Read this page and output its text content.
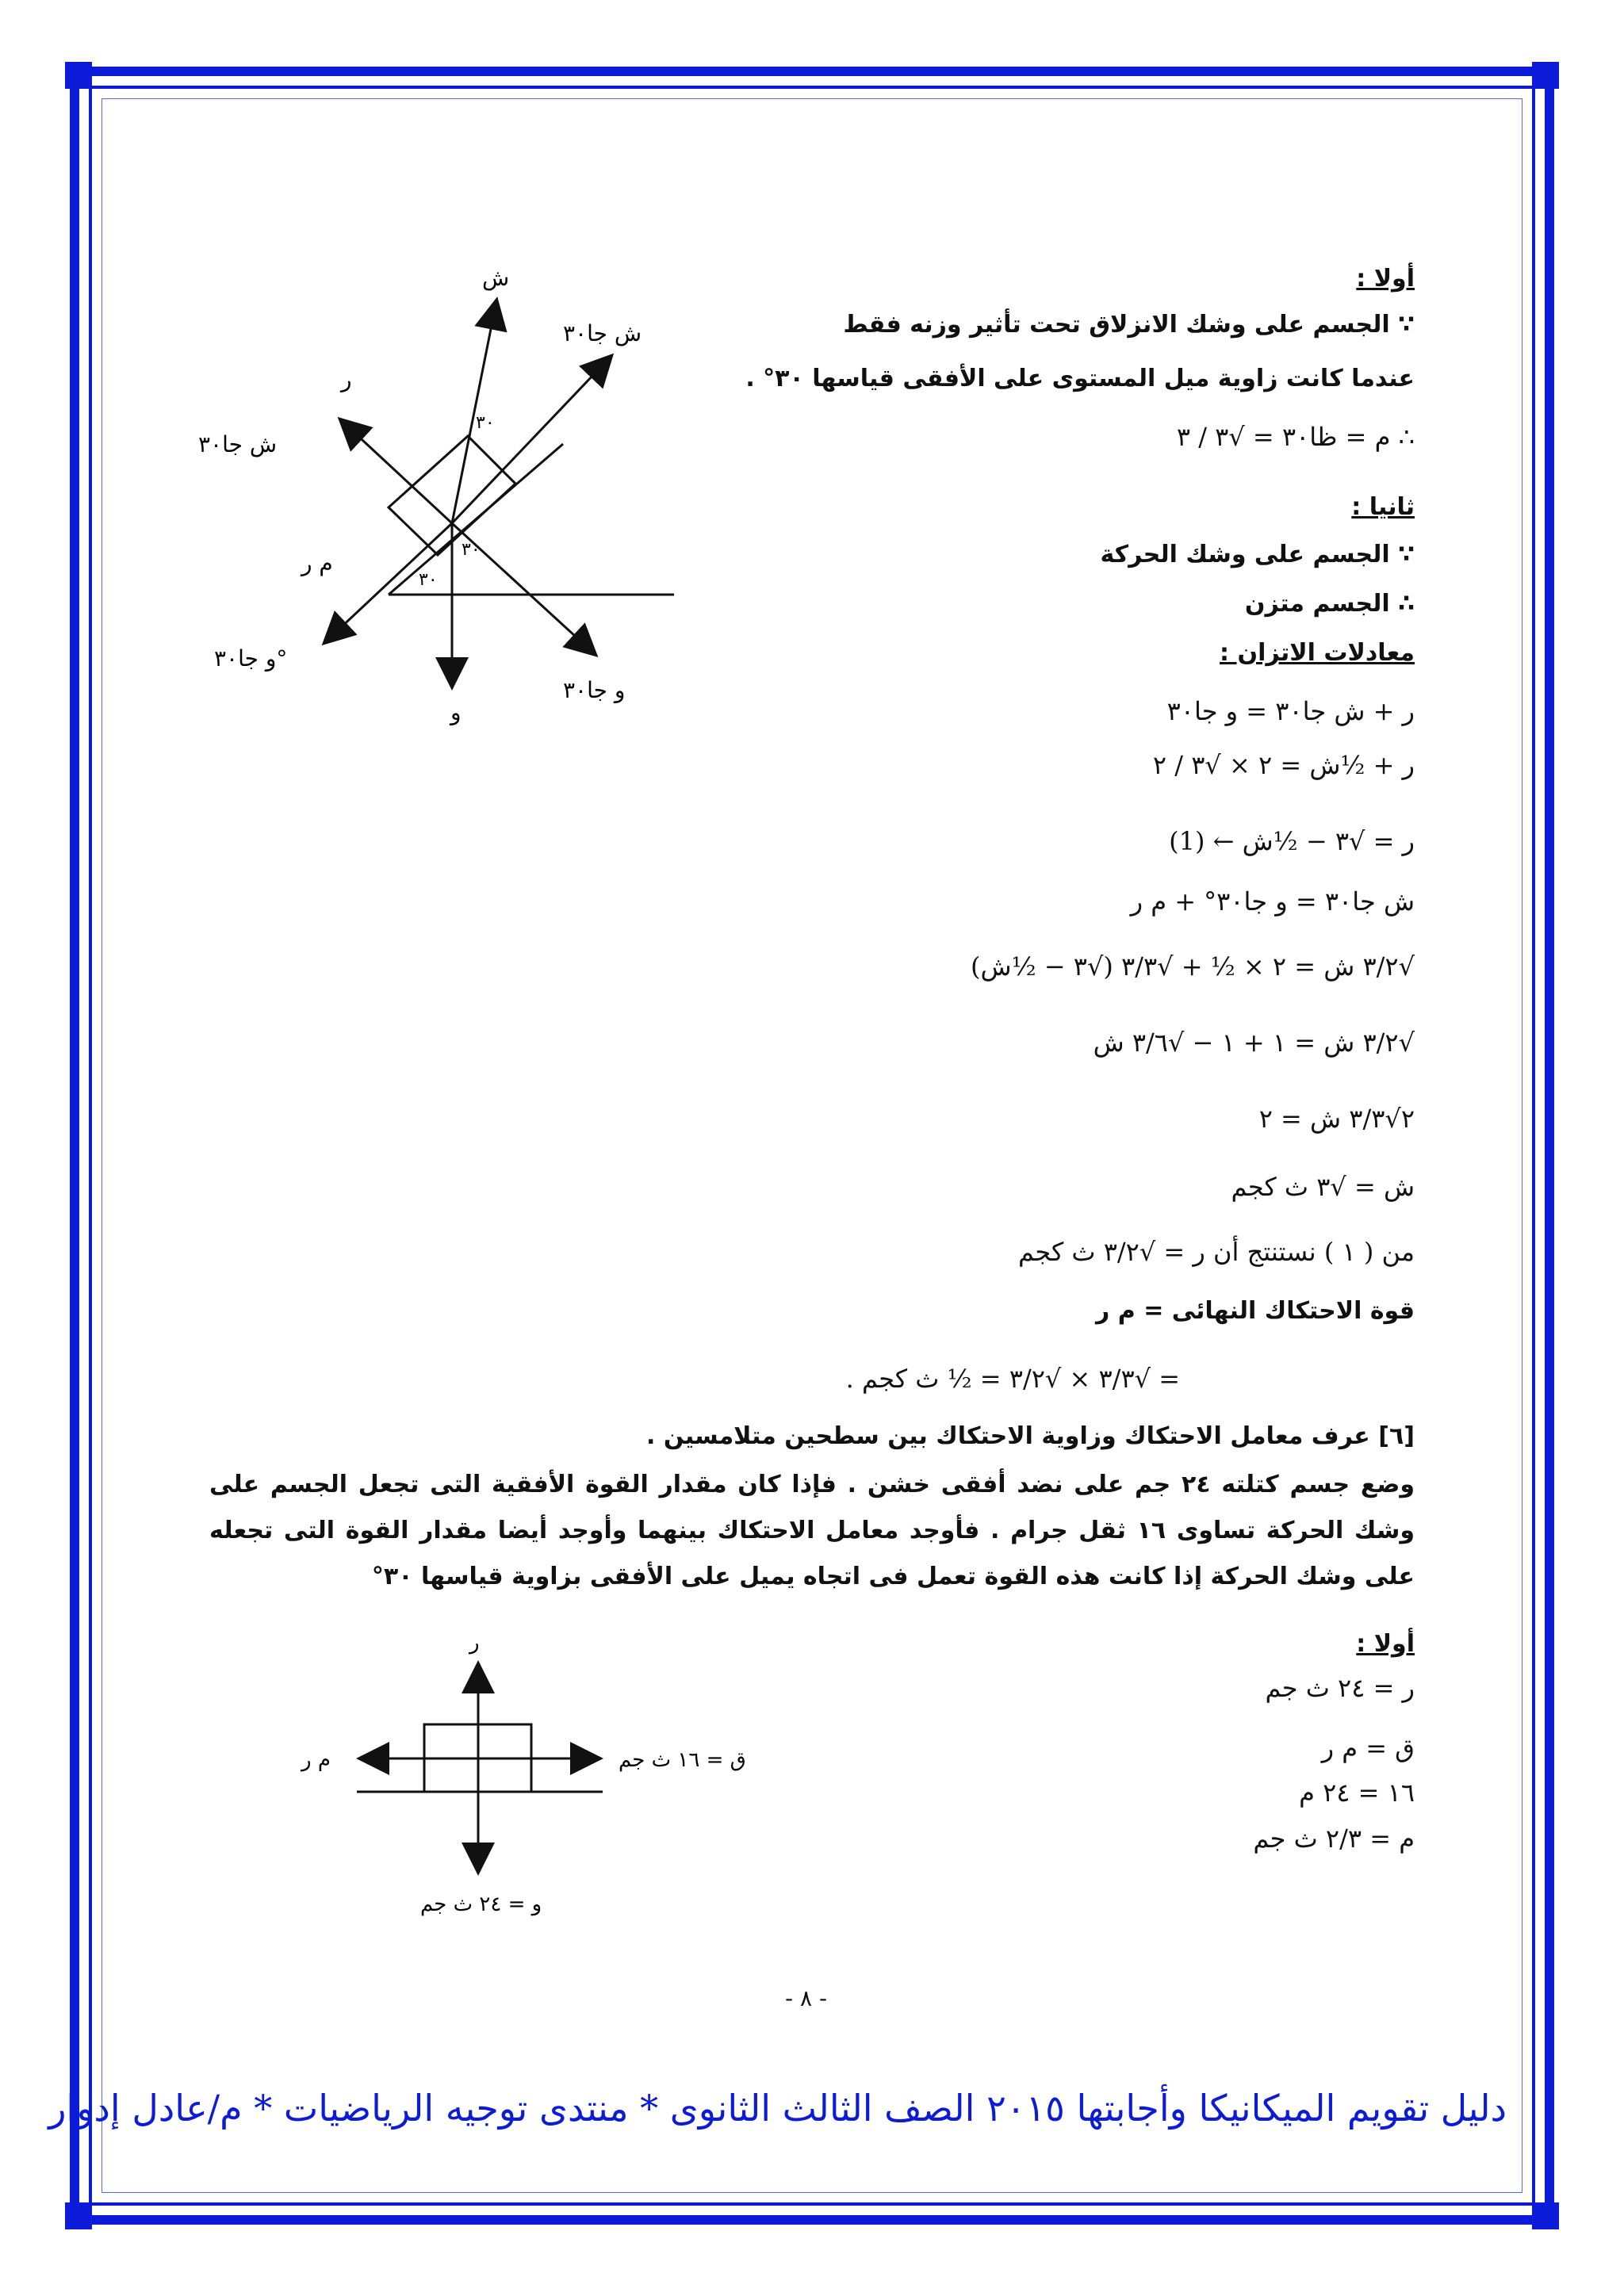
أولا :
∵ الجسم على وشك الانزلاق تحت تأثير وزنه فقط
عندما كانت زاوية ميل المستوى على الأفقى قياسها ٣٠° .
∴ م = ظا٣٠ = √٣ / ٣
ثانيا :
∵ الجسم على وشك الحركة
∴ الجسم متزن
معادلات الاتزان :
ر + ش جا٣٠ = و جا٣٠
ر + ½ش = ٢ × √٣ / ٢
ر = √٣ − ½ش ← (1)
ش جا٣٠ = و جا٣٠° + م ر
√٣/٢ ش = ٢ × ½ + √٣/٣ (√٣ − ½ش)
√٣/٢ ش = ١ + ١ − √٣/٦ ش
٢√٣/٣ ش = ٢
ش = √٣ ث كجم
من ( ١ ) نستنتج أن ر = √٣/٢ ث كجم
قوة الاحتكاك النهائى = م ر
= √٣/٣ × √٣/٢ = ½ ث كجم .
[٦] عرف معامل الاحتكاك وزاوية الاحتكاك بين سطحين متلامسين .
وضع جسم كتلته ٢٤ جم على نضد أفقى خشن . فإذا كان مقدار القوة الأفقية التى تجعل الجسم على وشك الحركة تساوى ١٦ ثقل جرام . فأوجد معامل الاحتكاك بينهما وأوجد أيضا مقدار القوة التى تجعله على وشك الحركة إذا كانت هذه القوة تعمل فى اتجاه يميل على الأفقى بزاوية قياسها ٣٠°
أولا :
ر = ٢٤ ث جم
ق = م ر
١٦ = ٢٤ م
م = ٢/٣ ث جم
ش
ش جا٣٠
ش جا٣٠
ر
م ر
و جا٣٠°
و جا٣٠
و
٣٠
٣٠
٣٠
ر
ق = ١٦ ث جم
م ر
و = ٢٤ ث جم
- ٨ -
دليل تقويم الميكانيكا وأجابتها ٢٠١٥ الصف الثالث الثانوى * منتدى توجيه الرياضيات * م/عادل إدوار
